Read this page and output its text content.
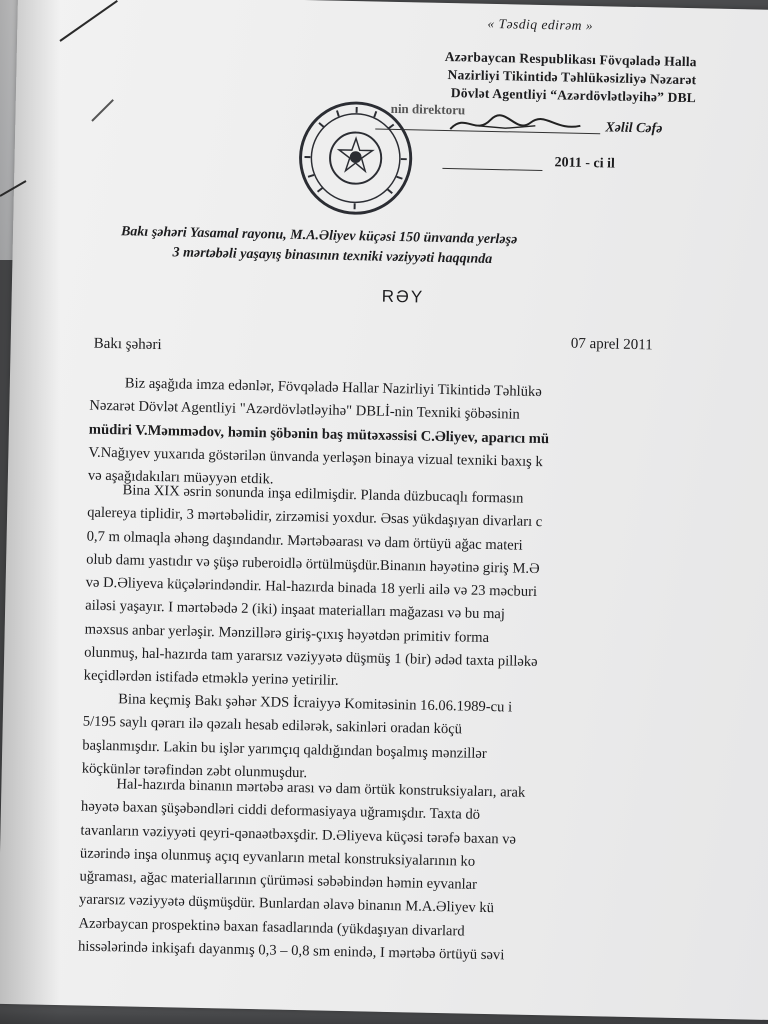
« Təsdiq edirəm »
Azərbaycan Respublikası Fövqəladə Halla
Nazirliyi Tikintidə Təhlükəsizliyə Nəzarət
Dövlət Agentliyi “Azərdövlətləyihə” DBL
nin direktoru
Xəlil Cəfə
2011 - ci il
Bakı şəhəri Yasamal rayonu, M.A.Əliyev küçəsi 150 ünvanda yerləşə
3 mərtəbəli yaşayış binasının texniki vəziyyəti haqqında
RƏY
Bakı şəhəri	07 aprel 2011
Biz aşağıda imza edənlər, Fövqəladə Hallar Nazirliyi Tikintidə Təhlükə
Nəzarət Dövlət Agentliyi "Azərdövlətləyihə" DBLİ-nin Texniki şöbəsinin
müdiri V.Məmmədov, həmin şöbənin baş mütəxəssisi C.Əliyev, aparıcı mü
V.Nağıyev yuxarıda göstərilən ünvanda yerləşən binaya vizual texniki baxış k
və aşağıdakıları müəyyən etdik.
Bina XIX əsrin sonunda inşa edilmişdir. Planda düzbucaqlı formasın
qalereya tiplidir, 3 mərtəbəlidir, zirzəmisi yoxdur. Əsas yükdaşıyan divarları c
0,7 m olmaqla əhəng daşındandır. Mərtəbəarası və dam örtüyü ağac materi
olub damı yastıdır və şüşə ruberoidlə örtülmüşdür.Binanın həyətinə giriş M.Ə
və D.Əliyeva küçələrindəndir. Hal-hazırda binada 18 yerli ailə və 23 məcburi
ailəsi yaşayır. I mərtəbədə 2 (iki) inşaat materialları mağazası və bu maj
məxsus anbar yerləşir. Mənzillərə giriş-çıxış həyətdən primitiv forma
olunmuş, hal-hazırda tam yararsız vəziyyətə düşmüş 1 (bir) ədəd taxta pilləkə
keçidlərdən istifadə etməklə yerinə yetirilir.
Bina keçmiş Bakı şəhər XDS İcraiyyə Komitəsinin 16.06.1989-cu i
5/195 saylı qərarı ilə qəzalı hesab edilərək, sakinləri oradan köçü
başlanmışdır. Lakin bu işlər yarımçıq qaldığından boşalmış mənzillər
köçkünlər tərəfindən zəbt olunmuşdur.
Hal-hazırda binanın mərtəbə arası və dam örtük konstruksiyaları, arak
həyətə baxan şüşəbəndləri ciddi deformasiyaya uğramışdır. Taxta dö
tavanların vəziyyəti qeyri-qənaətbəxşdir. D.Əliyeva küçəsi tərəfə baxan və
üzərində inşa olunmuş açıq eyvanların metal konstruksiyalarının ko
uğraması, ağac materiallarının çürüməsi səbəbindən həmin eyvanlar
yararsız vəziyyətə düşmüşdür. Bunlardan əlavə binanın M.A.Əliyev kü
Azərbaycan prospektinə baxan fasadlarında (yükdaşıyan divarlard
hissələrində inkişafı dayanmış 0,3 – 0,8 sm enində, I mərtəbə örtüyü səvi
